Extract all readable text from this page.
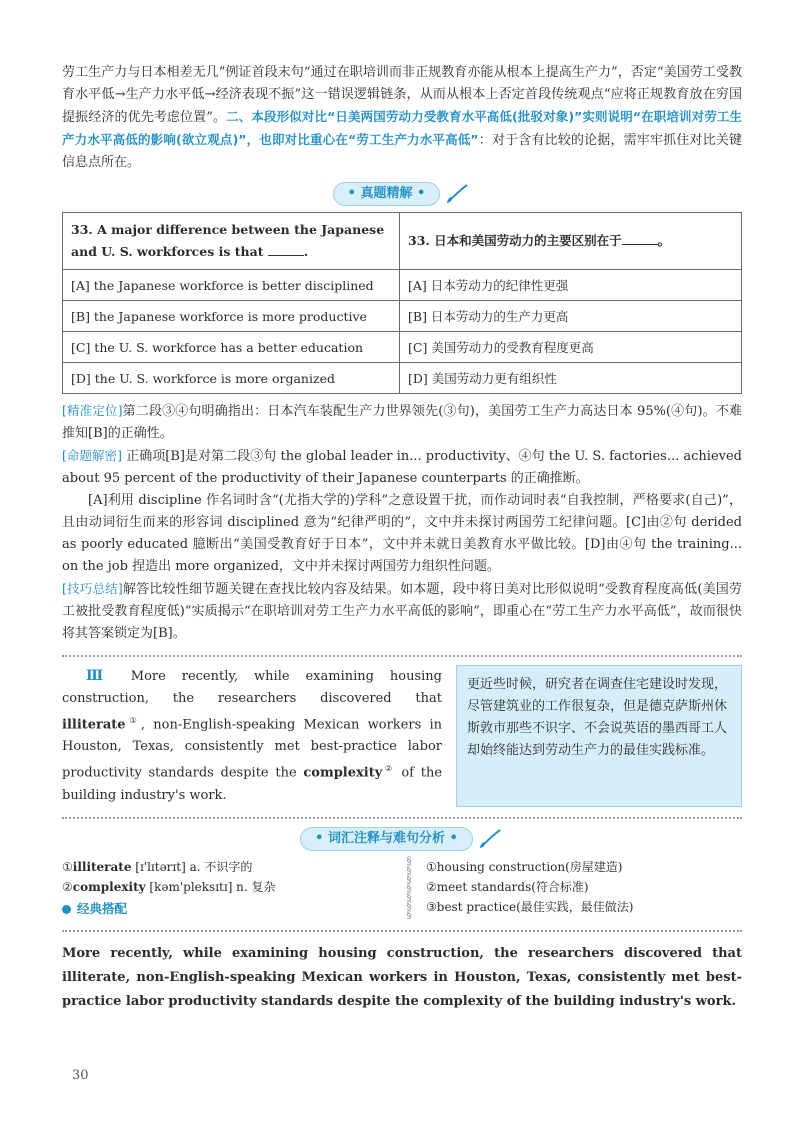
劳工生产力与日本相差无几”例证首段末句“通过在职培训而非正规教育亦能从根本上提高生产力”，否定“美国劳工受教育水平低→生产力水平低→经济表现不振”这一错误逻辑链条，从而从根本上否定首段传统观点“应将正规教育放在穷国提振经济的优先考虑位置”。二、本段形似对比“日美两国劳动力受教育水平高低(批驳对象)”实则说明“在职培训对劳工生产力水平高低的影响(欲立观点)”，也即对比重心在“劳工生产力水平高低”：对于含有比较的论据，需牢牢抓住对比关键信息点所在。

• 真题精解 •
33. A major difference between the Japanese and U. S. workforces is that .	33. 日本和美国劳动力的主要区别在于 。
[A] the Japanese workforce is better disciplined	[A] 日本劳动力的纪律性更强
[B] the Japanese workforce is more productive	[B] 日本劳动力的生产力更高
[C] the U. S. workforce has a better education	[C] 美国劳动力的受教育程度更高
[D] the U. S. workforce is more organized	[D] 美国劳动力更有组织性

[精准定位]第二段③④句明确指出：日本汽车装配生产力世界领先(③句)，美国劳工生产力高达日本 95%(④句)。不难推知[B]的正确性。

[命题解密] 正确项[B]是对第二段③句 the global leader in... productivity、④句 the U. S. factories... achieved about 95 percent of the productivity of their Japanese counterparts 的正确推断。

[A]利用 discipline 作名词时含“(尤指大学的)学科”之意设置干扰，而作动词时表“自我控制，严格要求(自己)”，且由动词衍生而来的形容词 disciplined 意为“纪律严明的”，文中并未探讨两国劳工纪律问题。[C]由②句 derided as poorly educated 臆断出“美国受教育好于日本”，文中并未就日美教育水平做比较。[D]由④句 the training... on the job 捏造出 more organized，文中并未探讨两国劳力组织性问题。

[技巧总结]解答比较性细节题关键在查找比较内容及结果。如本题，段中将日美对比形似说明“受教育程度高低(美国劳工被批受教育程度低)”实质揭示“在职培训对劳工生产力水平高低的影响”，即重心在“劳工生产力水平高低”，故而很快将其答案锁定为[B]。

Ⅲ More recently, while examining housing construction, the researchers discovered that illiterate①, non-English-speaking Mexican workers in Houston, Texas, consistently met best-practice labor productivity standards despite the complexity② of the building industry's work.

更近些时候，研究者在调查住宅建设时发现，尽管建筑业的工作很复杂，但是德克萨斯州休斯敦市那些不识字、不会说英语的墨西哥工人却始终能达到劳动生产力的最佳实践标准。
• 词汇注释与难句分析 •
①illiterate [ɪ'lɪtərɪt] a. 不识字的
②complexity [kəm'pleksɪtɪ] n. 复杂
经典搭配
§
§
§
§
§
§
§
①housing construction(房屋建造)
②meet standards(符合标准)
③best practice(最佳实践，最佳做法)

More recently, while examining housing construction, the researchers discovered that illiterate, non-English-speaking Mexican workers in Houston, Texas, consistently met best-practice labor productivity standards despite the complexity of the building industry's work.

30
